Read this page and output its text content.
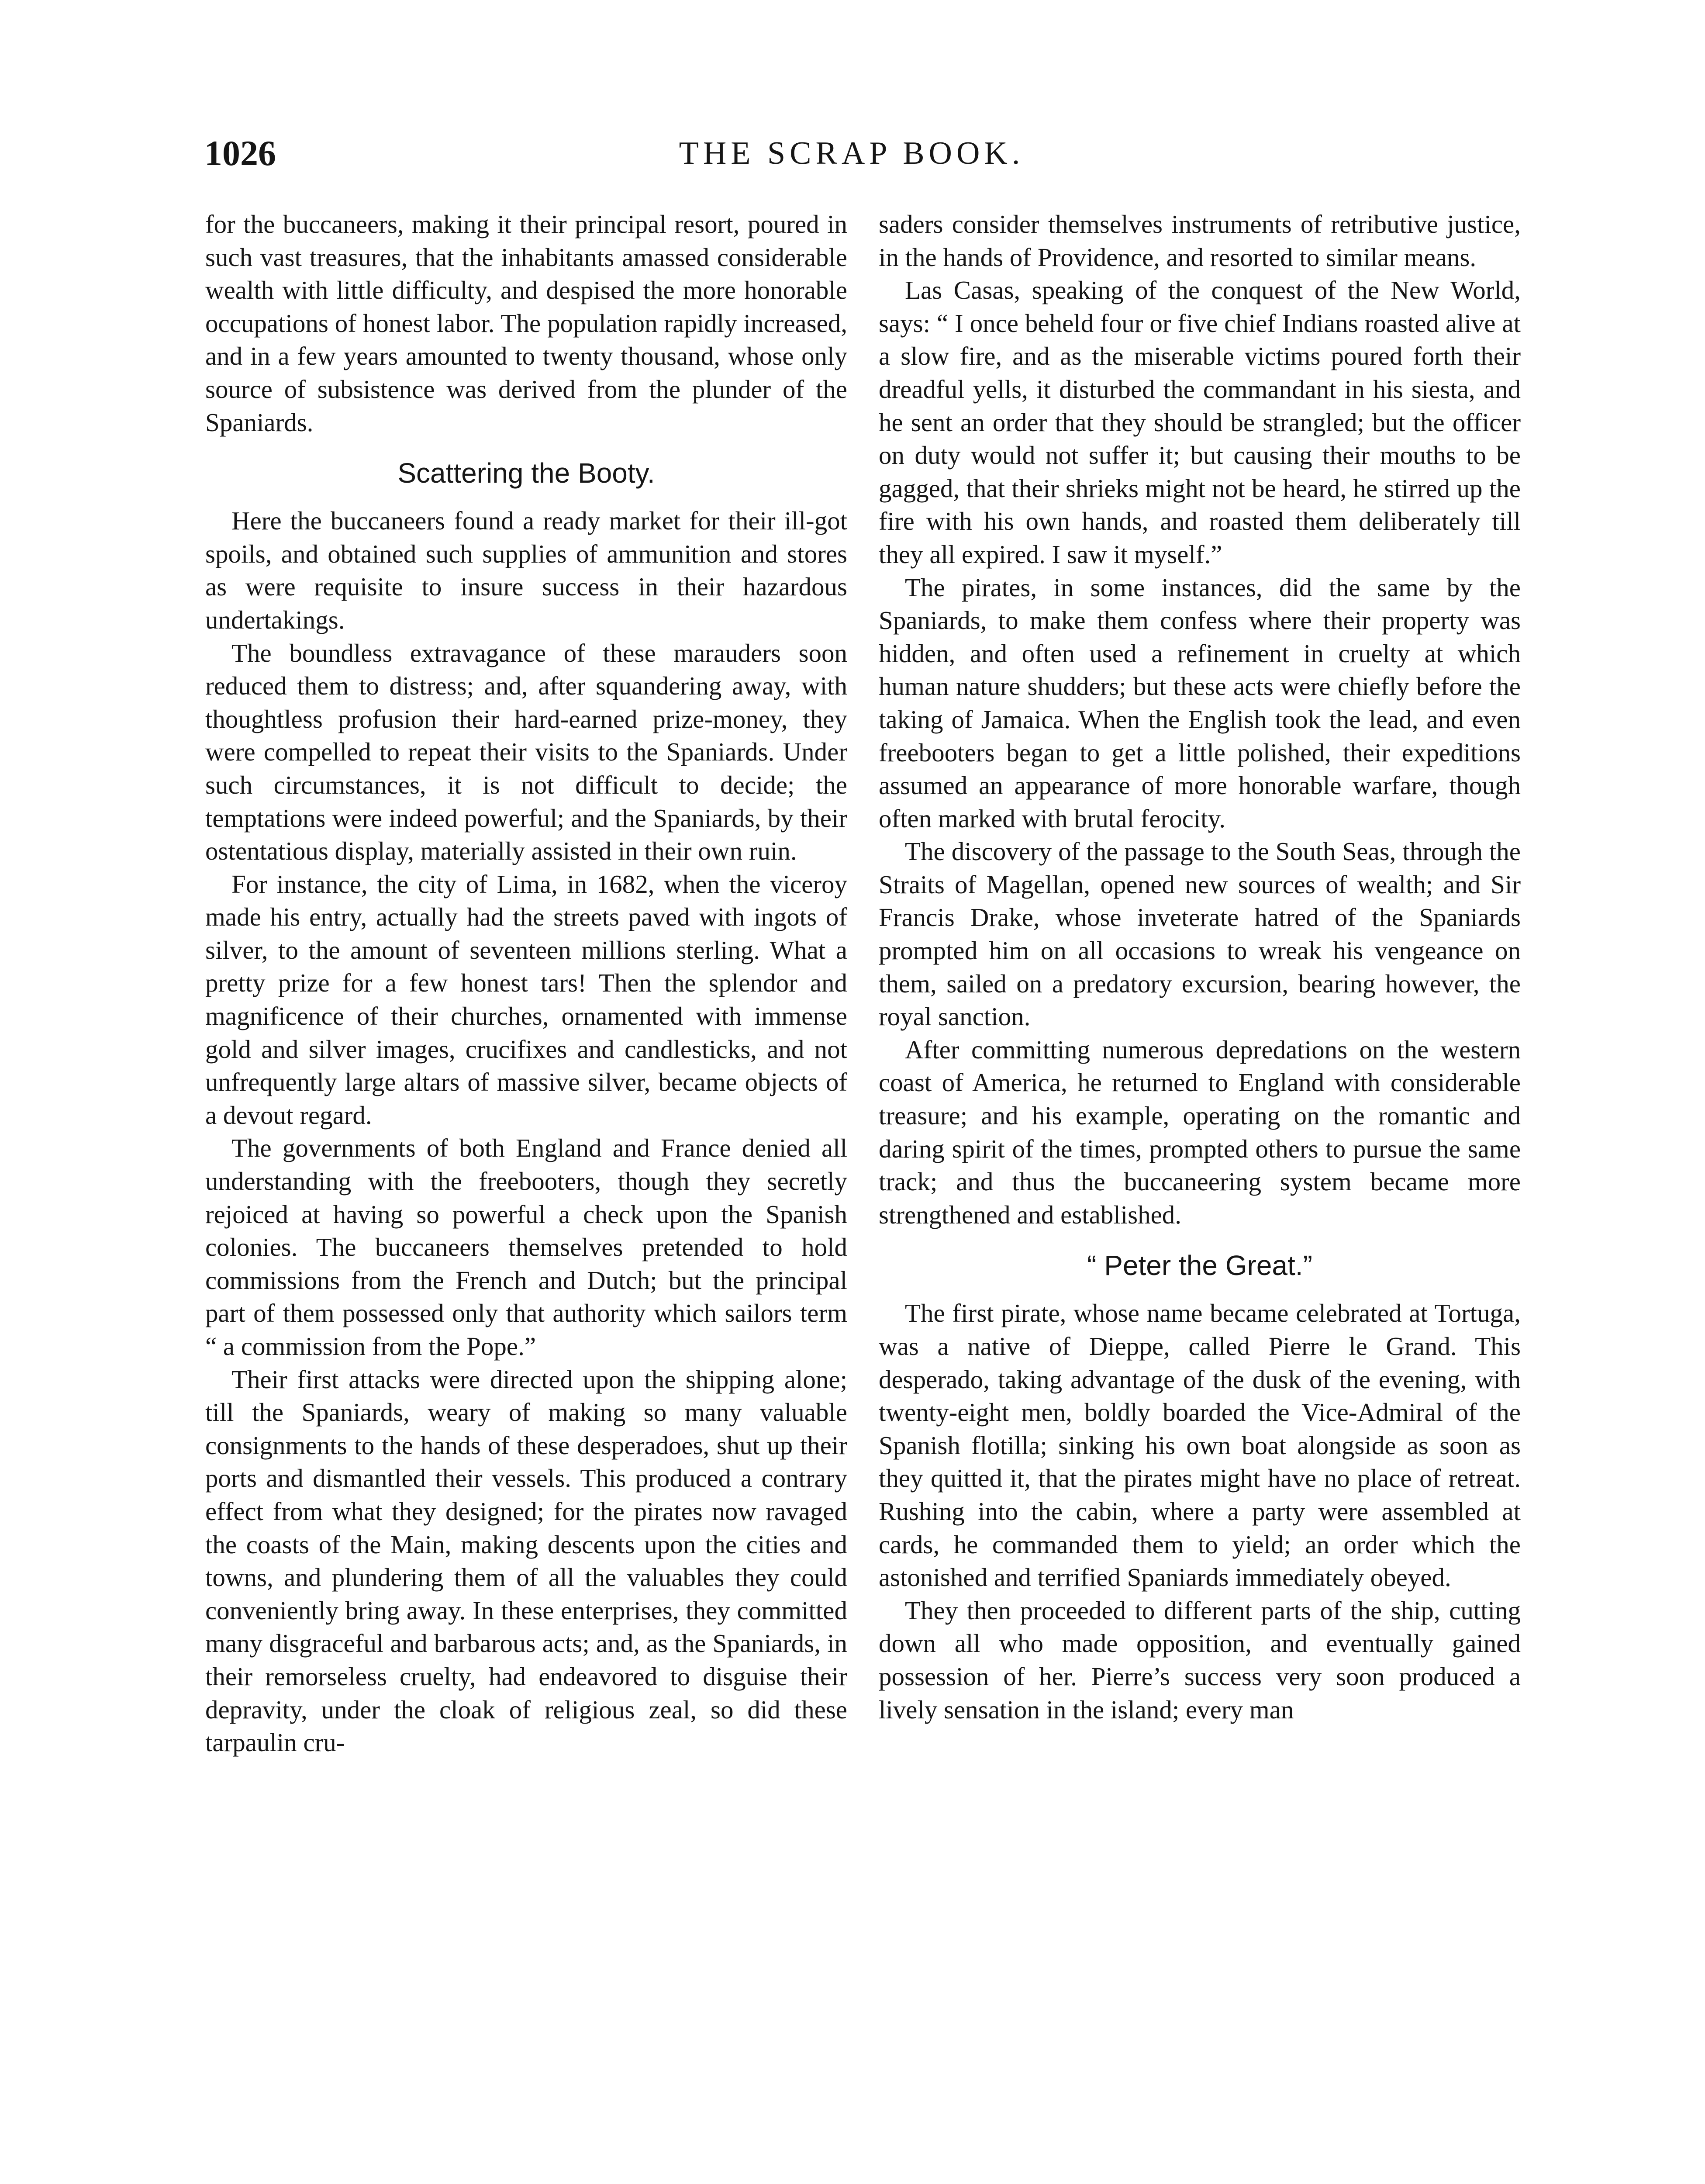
1026	THE SCRAP BOOK.

for the buccaneers, making it their principal resort, poured in such vast treasures, that the inhabitants amassed considerable wealth with little difficulty, and despised the more honorable occupations of honest labor. The population rapidly increased, and in a few years amounted to twenty thousand, whose only source of subsistence was derived from the plunder of the Spaniards.

Scattering the Booty.

Here the buccaneers found a ready market for their ill-got spoils, and obtained such supplies of ammunition and stores as were requisite to insure success in their hazardous undertakings.

The boundless extravagance of these marauders soon reduced them to distress; and, after squandering away, with thoughtless profusion their hard-earned prize-money, they were compelled to repeat their visits to the Spaniards. Under such circumstances, it is not difficult to decide; the temptations were indeed powerful; and the Spaniards, by their ostentatious display, materially assisted in their own ruin.

For instance, the city of Lima, in 1682, when the viceroy made his entry, actually had the streets paved with ingots of silver, to the amount of seventeen millions sterling. What a pretty prize for a few honest tars! Then the splendor and magnificence of their churches, ornamented with immense gold and silver images, crucifixes and candlesticks, and not unfrequently large altars of massive silver, became objects of a devout regard.

The governments of both England and France denied all understanding with the freebooters, though they secretly rejoiced at having so powerful a check upon the Spanish colonies. The buccaneers themselves pretended to hold commissions from the French and Dutch; but the principal part of them possessed only that authority which sailors term “ a commission from the Pope.”

Their first attacks were directed upon the shipping alone; till the Spaniards, weary of making so many valuable consignments to the hands of these desperadoes, shut up their ports and dismantled their vessels. This produced a contrary effect from what they designed; for the pirates now ravaged the coasts of the Main, making descents upon the cities and towns, and plundering them of all the valuables they could conveniently bring away. In these enterprises, they committed many disgraceful and barbarous acts; and, as the Spaniards, in their remorseless cruelty, had endeavored to disguise their depravity, under the cloak of religious zeal, so did these tarpaulin cru-

saders consider themselves instruments of retributive justice, in the hands of Providence, and resorted to similar means.

Las Casas, speaking of the conquest of the New World, says: “ I once beheld four or five chief Indians roasted alive at a slow fire, and as the miserable victims poured forth their dreadful yells, it disturbed the commandant in his siesta, and he sent an order that they should be strangled; but the officer on duty would not suffer it; but causing their mouths to be gagged, that their shrieks might not be heard, he stirred up the fire with his own hands, and roasted them deliberately till they all expired. I saw it myself.”

The pirates, in some instances, did the same by the Spaniards, to make them confess where their property was hidden, and often used a refinement in cruelty at which human nature shudders; but these acts were chiefly before the taking of Jamaica. When the English took the lead, and even freebooters began to get a little polished, their expeditions assumed an appearance of more honorable warfare, though often marked with brutal ferocity.

The discovery of the passage to the South Seas, through the Straits of Magellan, opened new sources of wealth; and Sir Francis Drake, whose inveterate hatred of the Spaniards prompted him on all occasions to wreak his vengeance on them, sailed on a predatory excursion, bearing however, the royal sanction.

After committing numerous depredations on the western coast of America, he returned to England with considerable treasure; and his example, operating on the romantic and daring spirit of the times, prompted others to pursue the same track; and thus the buccaneering system became more strengthened and established.

“ Peter the Great.”

The first pirate, whose name became celebrated at Tortuga, was a native of Dieppe, called Pierre le Grand. This desperado, taking advantage of the dusk of the evening, with twenty-eight men, boldly boarded the Vice-Admiral of the Spanish flotilla; sinking his own boat alongside as soon as they quitted it, that the pirates might have no place of retreat. Rushing into the cabin, where a party were assembled at cards, he commanded them to yield; an order which the astonished and terrified Spaniards immediately obeyed.

They then proceeded to different parts of the ship, cutting down all who made opposition, and eventually gained possession of her. Pierre’s success very soon produced a lively sensation in the island; every man
